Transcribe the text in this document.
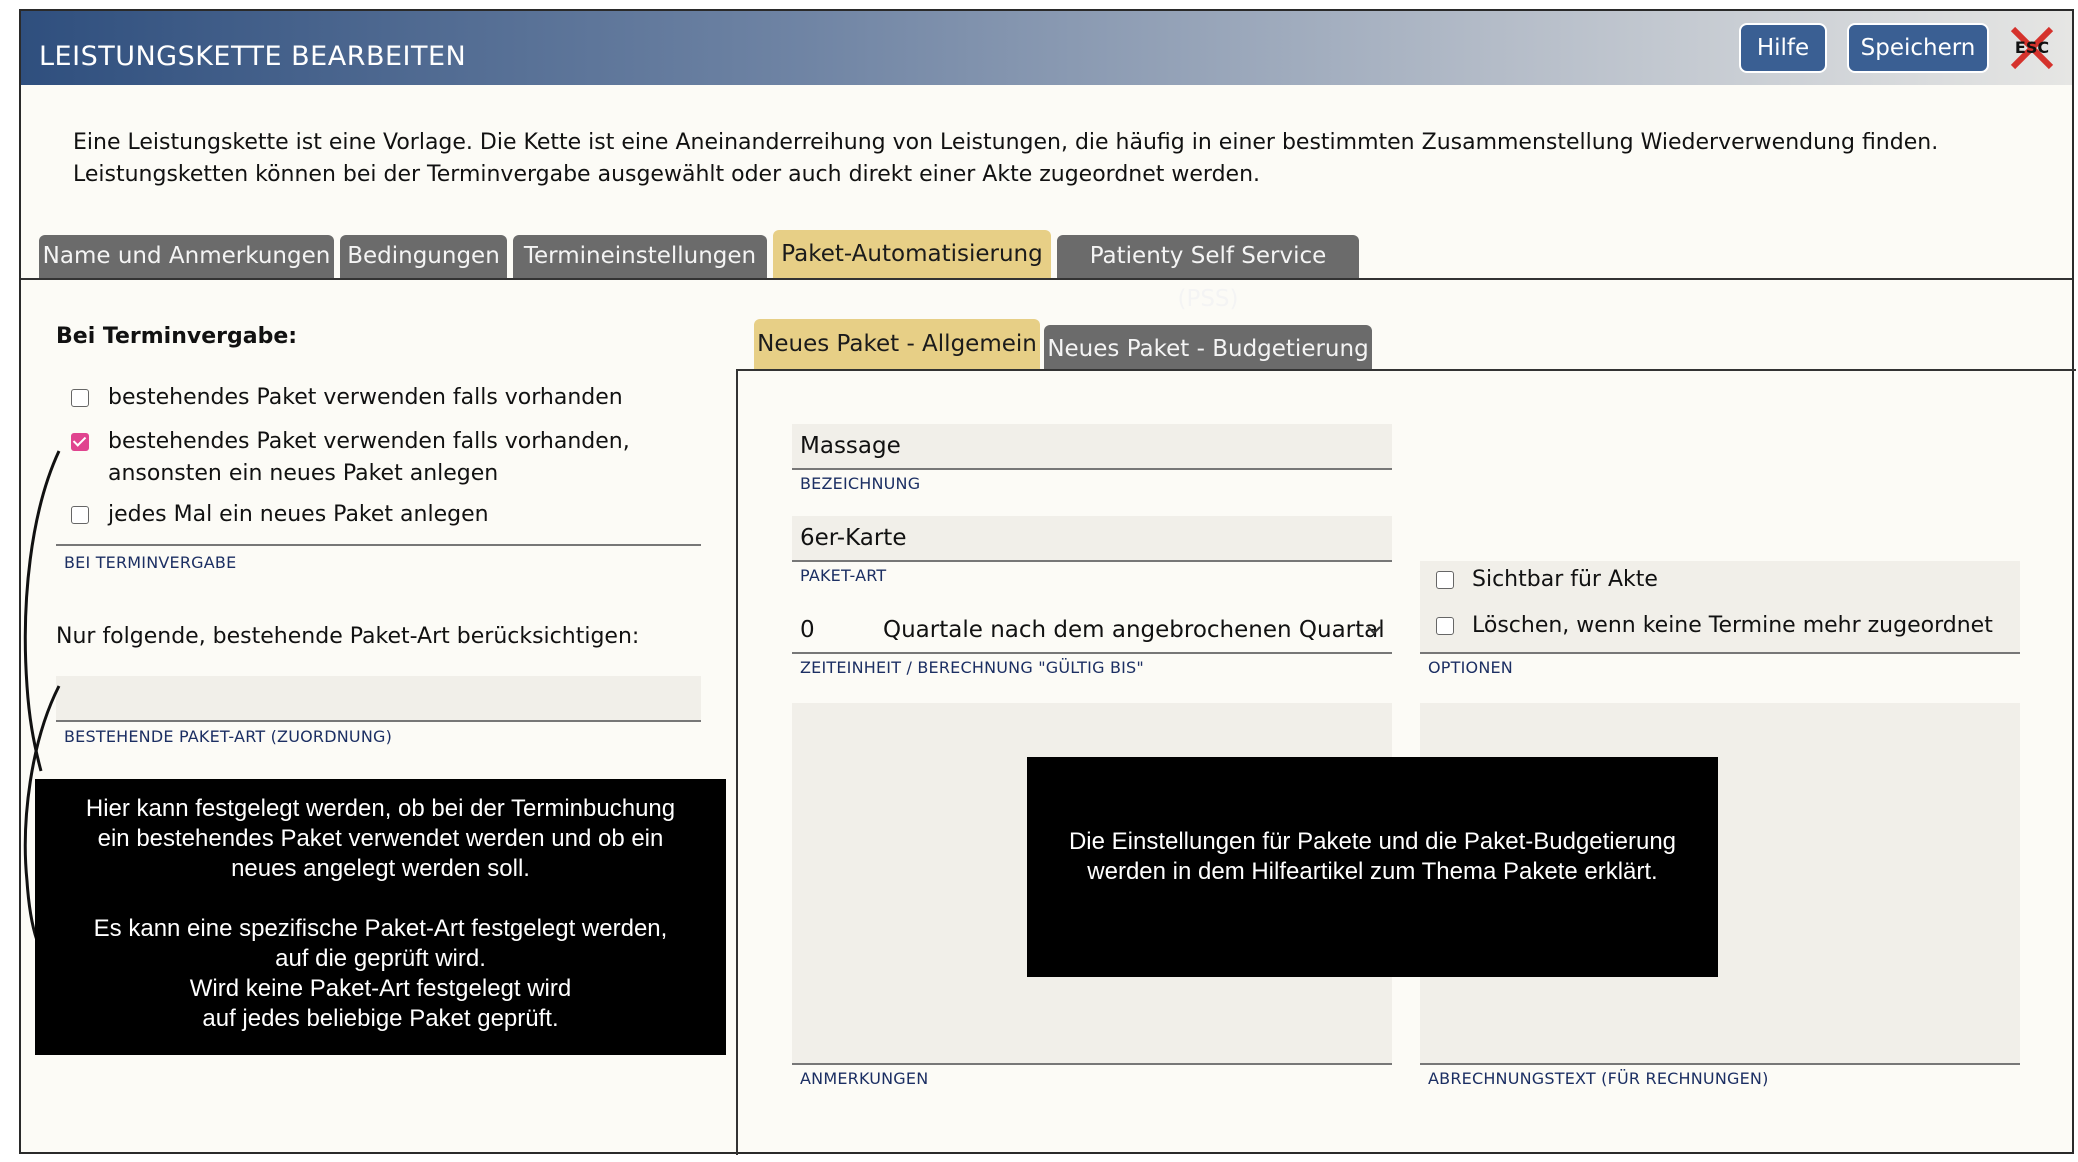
LEISTUNGSKETTE BEARBEITEN	Hilfe	Speichern	ESC
Eine Leistungskette ist eine Vorlage. Die Kette ist eine Aneinanderreihung von Leistungen, die häufig in einer bestimmten Zusammenstellung Wiederverwendung finden. Leistungsketten können bei der Terminvergabe ausgewählt oder auch direkt einer Akte zugeordnet werden.
Name und Anmerkungen Bedingungen	Termineinstellungen	Paket-Automatisierung	Patienty Self Service (PSS)
Bei Terminvergabe:
bestehendes Paket verwenden falls vorhanden
bestehendes Paket verwenden falls vorhanden, ansonsten ein neues Paket anlegen
jedes Mal ein neues Paket anlegen
BEI TERMINVERGABE
Nur folgende, bestehende Paket-Art berücksichtigen:
BESTEHENDE PAKET-ART (ZUORDNUNG)
Neues Paket - Allgemein Neues Paket - Budgetierung
Massage
BEZEICHNUNG
6er-Karte
PAKET-ART
0	Quartale nach dem angebrochenen Quartal
ZEITEINHEIT / BERECHNUNG "GÜLTIG BIS"
Sichtbar für Akte
Löschen, wenn keine Termine mehr zugeordnet
OPTIONEN
ANMERKUNGEN	ABRECHNUNGSTEXT (FÜR RECHNUNGEN)
Hier kann festgelegt werden, ob bei der Terminbuchung
ein bestehendes Paket verwendet werden und ob ein
neues angelegt werden soll.

Es kann eine spezifische Paket-Art festgelegt werden,
auf die geprüft wird.
Wird keine Paket-Art festgelegt wird
auf jedes beliebige Paket geprüft.
Die Einstellungen für Pakete und die Paket-Budgetierung
werden in dem Hilfeartikel zum Thema Pakete erklärt.
